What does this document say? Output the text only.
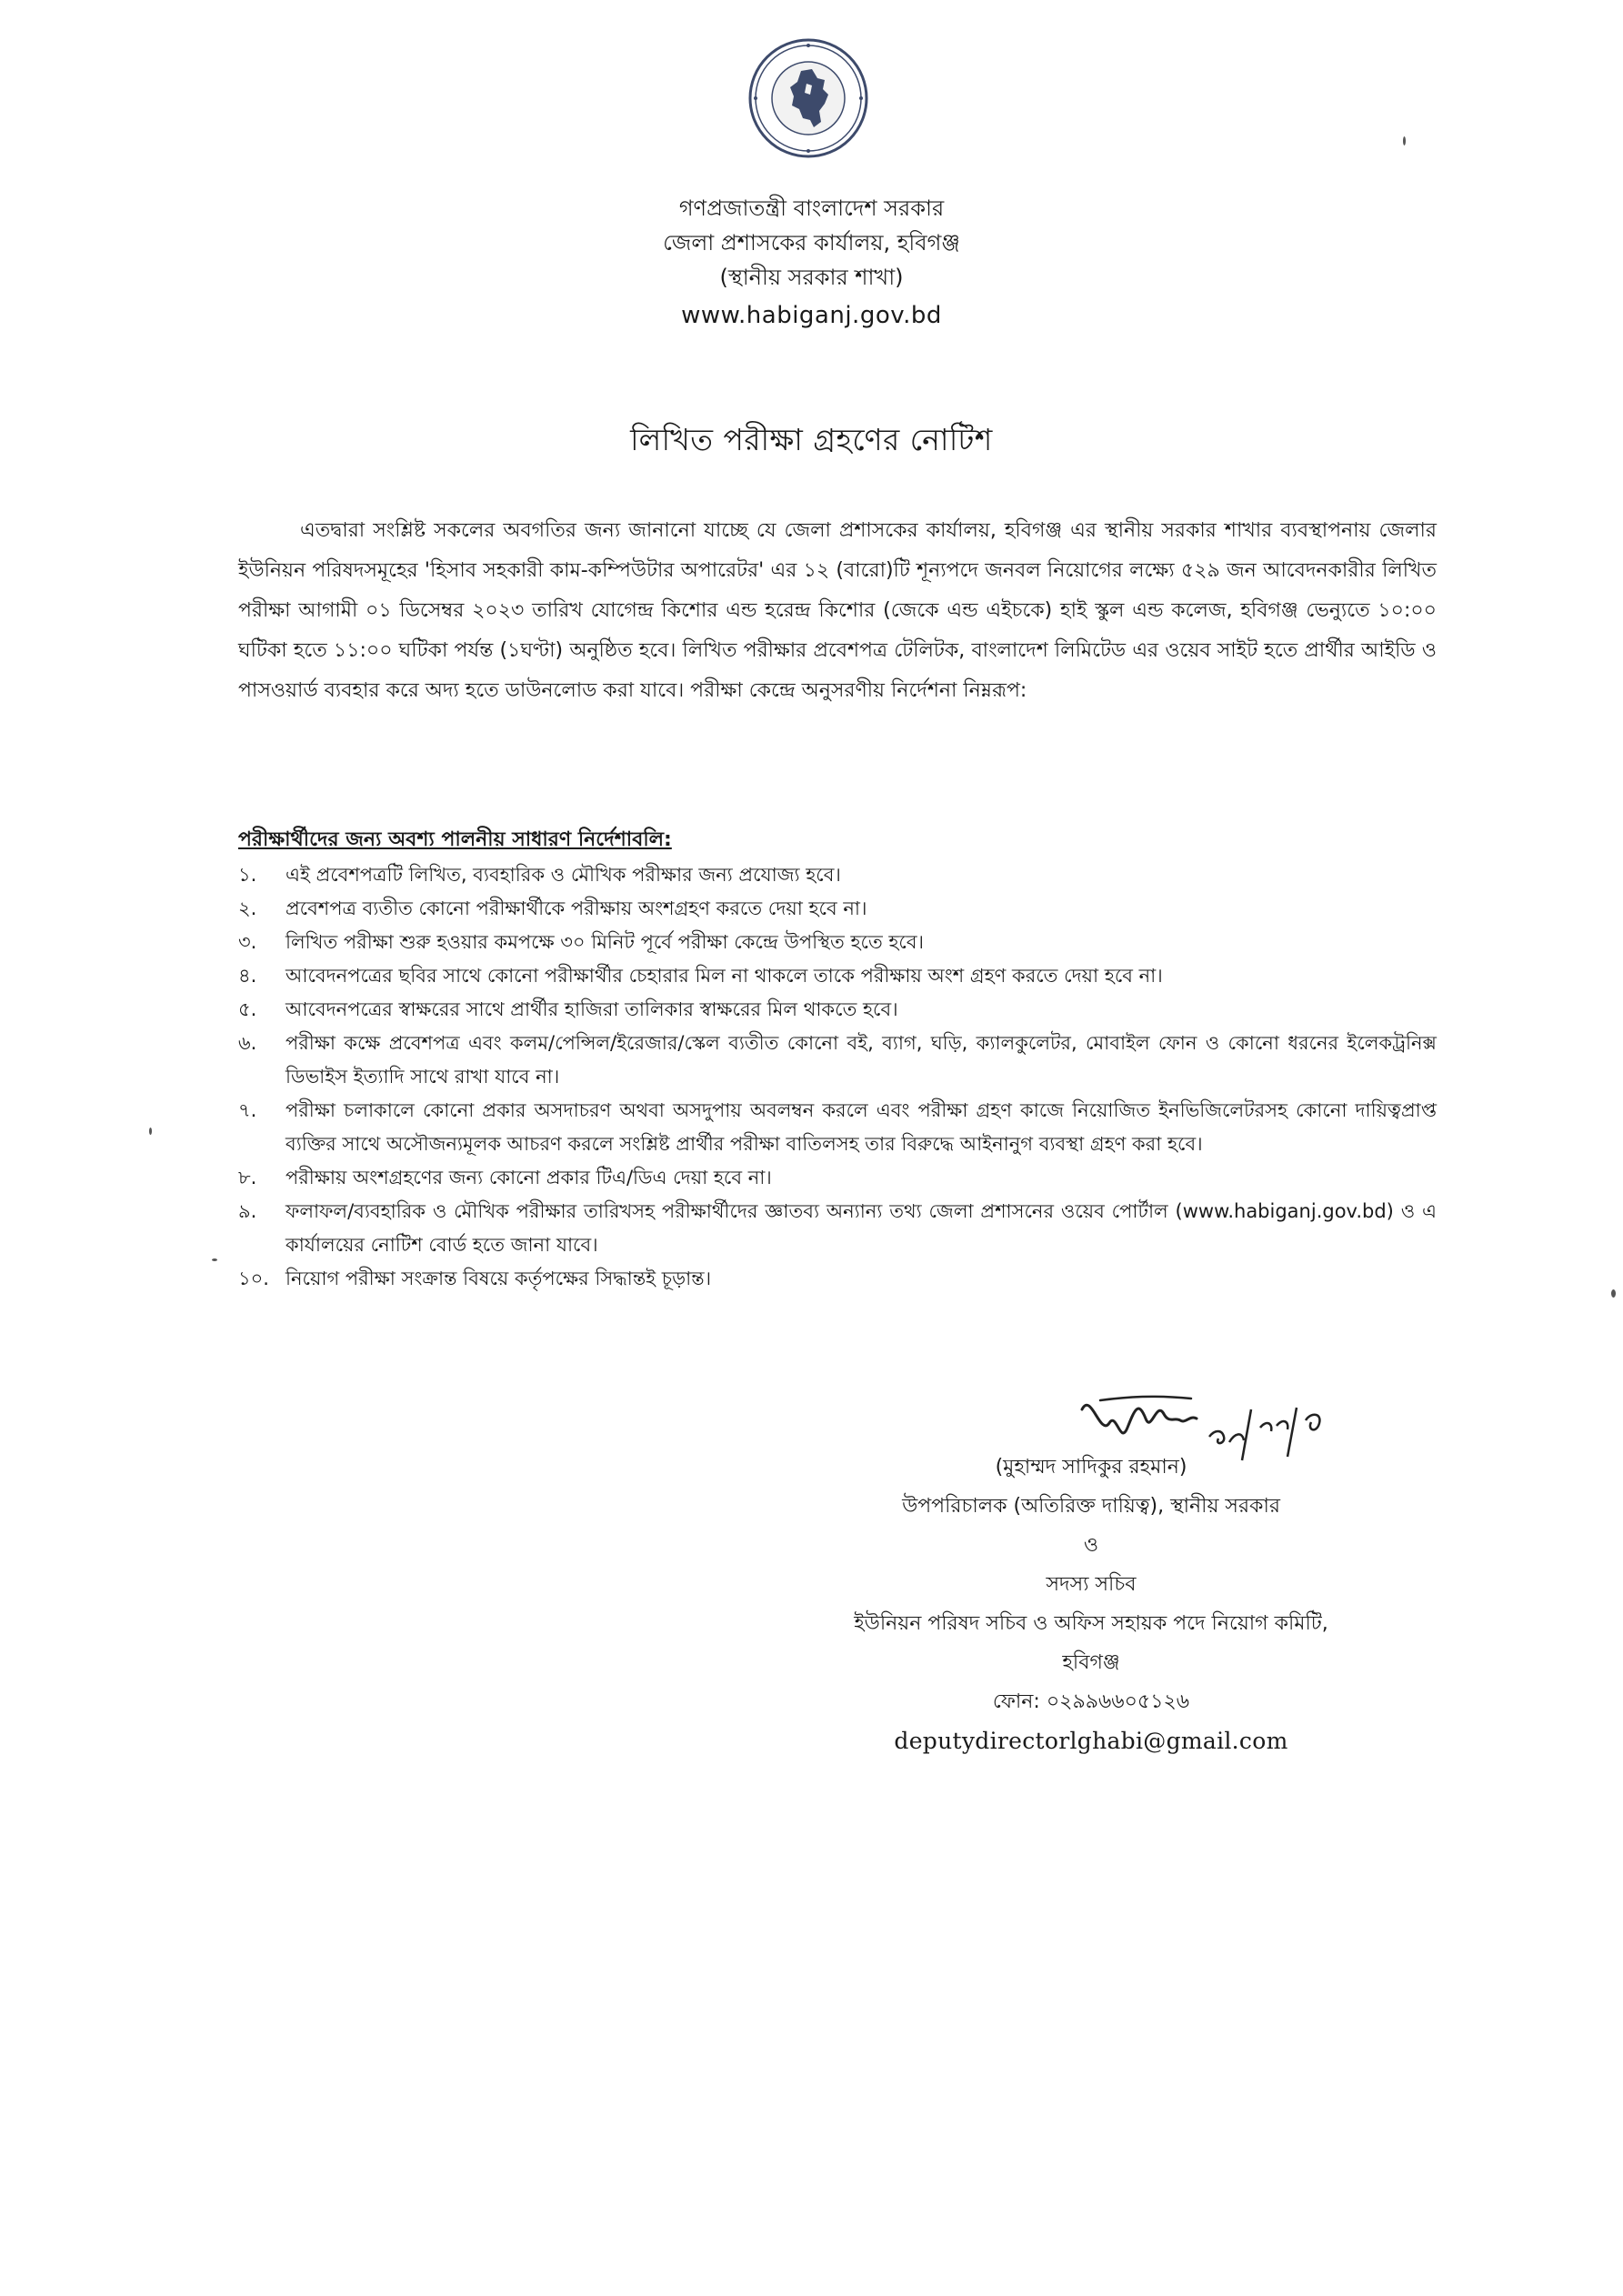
গণপ্রজাতন্ত্রী বাংলাদেশ সরকার
জেলা প্রশাসকের কার্যালয়, হবিগঞ্জ
(স্থানীয় সরকার শাখা)
www.habiganj.gov.bd
লিখিত পরীক্ষা গ্রহণের নোটিশ
এতদ্বারা সংশ্লিষ্ট সকলের অবগতির জন্য জানানো যাচ্ছে যে জেলা প্রশাসকের কার্যালয়, হবিগঞ্জ এর স্থানীয় সরকার শাখার ব্যবস্থাপনায় জেলার ইউনিয়ন পরিষদসমূহের 'হিসাব সহকারী কাম-কম্পিউটার অপারেটর' এর ১২ (বারো)টি শূন্যপদে জনবল নিয়োগের লক্ষ্যে ৫২৯ জন আবেদনকারীর লিখিত পরীক্ষা আগামী ০১ ডিসেম্বর ২০২৩ তারিখ যোগেন্দ্র কিশোর এন্ড হরেন্দ্র কিশোর (জেকে এন্ড এইচকে) হাই স্কুল এন্ড কলেজ, হবিগঞ্জ ভেন্যুতে ১০:০০ ঘটিকা হতে ১১:০০ ঘটিকা পর্যন্ত (১ঘণ্টা) অনুষ্ঠিত হবে। লিখিত পরীক্ষার প্রবেশপত্র টেলিটক, বাংলাদেশ লিমিটেড এর ওয়েব সাইট হতে প্রার্থীর আইডি ও পাসওয়ার্ড ব্যবহার করে অদ্য হতে ডাউনলোড করা যাবে। পরীক্ষা কেন্দ্রে অনুসরণীয় নির্দেশনা নিম্নরূপ:
পরীক্ষার্থীদের জন্য অবশ্য পালনীয় সাধারণ নির্দেশাবলি:
১.	এই প্রবেশপত্রটি লিখিত, ব্যবহারিক ও মৌখিক পরীক্ষার জন্য প্রযোজ্য হবে।
২.	প্রবেশপত্র ব্যতীত কোনো পরীক্ষার্থীকে পরীক্ষায় অংশগ্রহণ করতে দেয়া হবে না।
৩.	লিখিত পরীক্ষা শুরু হওয়ার কমপক্ষে ৩০ মিনিট পূর্বে পরীক্ষা কেন্দ্রে উপস্থিত হতে হবে।
৪.	আবেদনপত্রের ছবির সাথে কোনো পরীক্ষার্থীর চেহারার মিল না থাকলে তাকে পরীক্ষায় অংশ গ্রহণ করতে দেয়া হবে না।
৫.	আবেদনপত্রের স্বাক্ষরের সাথে প্রার্থীর হাজিরা তালিকার স্বাক্ষরের মিল থাকতে হবে।
৬.	পরীক্ষা কক্ষে প্রবেশপত্র এবং কলম/পেন্সিল/ইরেজার/স্কেল ব্যতীত কোনো বই, ব্যাগ, ঘড়ি, ক্যালকুলেটর, মোবাইল ফোন ও কোনো ধরনের ইলেকট্রনিক্স ডিভাইস ইত্যাদি সাথে রাখা যাবে না।
৭.	পরীক্ষা চলাকালে কোনো প্রকার অসদাচরণ অথবা অসদুপায় অবলম্বন করলে এবং পরীক্ষা গ্রহণ কাজে নিয়োজিত ইনভিজিলেটরসহ কোনো দায়িত্বপ্রাপ্ত ব্যক্তির সাথে অসৌজন্যমূলক আচরণ করলে সংশ্লিষ্ট প্রার্থীর পরীক্ষা বাতিলসহ তার বিরুদ্ধে আইনানুগ ব্যবস্থা গ্রহণ করা হবে।
৮.	পরীক্ষায় অংশগ্রহণের জন্য কোনো প্রকার টিএ/ডিএ দেয়া হবে না।
৯.	ফলাফল/ব্যবহারিক ও মৌখিক পরীক্ষার তারিখসহ পরীক্ষার্থীদের জ্ঞাতব্য অন্যান্য তথ্য জেলা প্রশাসনের ওয়েব পোর্টাল (www.habiganj.gov.bd) ও এ কার্যালয়ের নোটিশ বোর্ড হতে জানা যাবে।
১০. নিয়োগ পরীক্ষা সংক্রান্ত বিষয়ে কর্তৃপক্ষের সিদ্ধান্তই চূড়ান্ত।
(মুহাম্মদ সাদিকুর রহমান)
উপপরিচালক (অতিরিক্ত দায়িত্ব), স্থানীয় সরকার
ও
সদস্য সচিব
ইউনিয়ন পরিষদ সচিব ও অফিস সহায়ক পদে নিয়োগ কমিটি,
হবিগঞ্জ
ফোন: ০২৯৯৬৬০৫১২৬
deputydirectorlghabi@gmail.com
